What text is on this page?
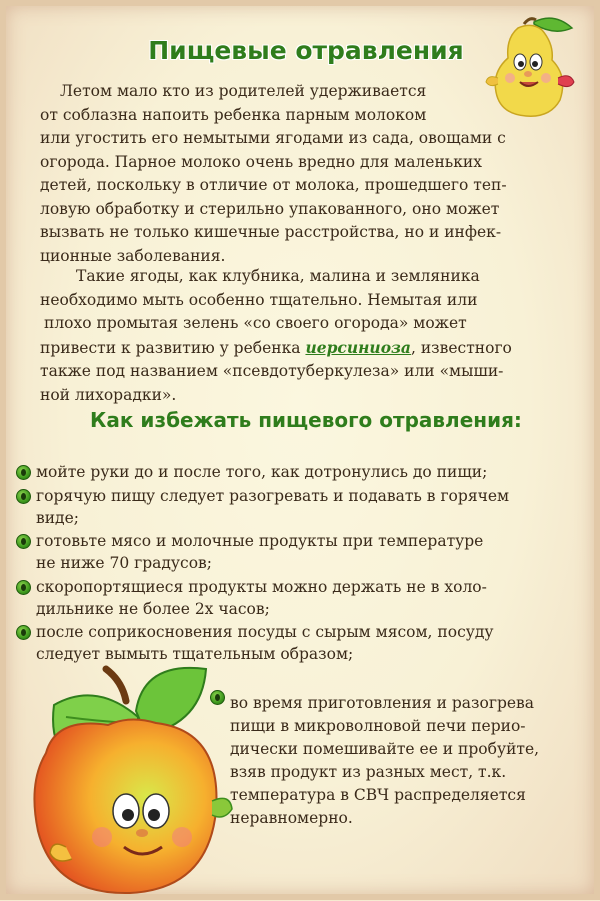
Пищевые отравления
Летом мало кто из родителей удерживается
от соблазна напоить ребенка парным молоком
или угостить его немытыми ягодами из сада, овощами с
огорода. Парное молоко очень вредно для маленьких
детей, поскольку в отличие от молока, прошедшего теп-
ловую обработку и стерильно упакованного, оно может
вызвать не только кишечные расстройства, но и инфек-
ционные заболевания.
Такие ягоды, как клубника, малина и земляника
необходимо мыть особенно тщательно. Немытая или
плохо промытая зелень «со своего огорода» может
привести к развитию у ребенка иерсиниоза, известного
также под названием «псевдотуберкулеза» или «мыши-
ной лихорадки».
Как избежать пищевого отравления:
мойте руки до и после того, как дотронулись до пищи;
горячую пищу следует разогревать и подавать в горячем
виде;
готовьте мясо и молочные продукты при температуре
не ниже 70 градусов;
скоропортящиеся продукты можно держать не в холо-
дильнике не более 2х часов;
после соприкосновения посуды с сырым мясом, посуду
следует вымыть тщательным образом;
во время приготовления и разогрева
пищи в микроволновой печи перио-
дически помешивайте ее и пробуйте,
взяв продукт из разных мест, т.к.
температура в СВЧ распределяется
неравномерно.
